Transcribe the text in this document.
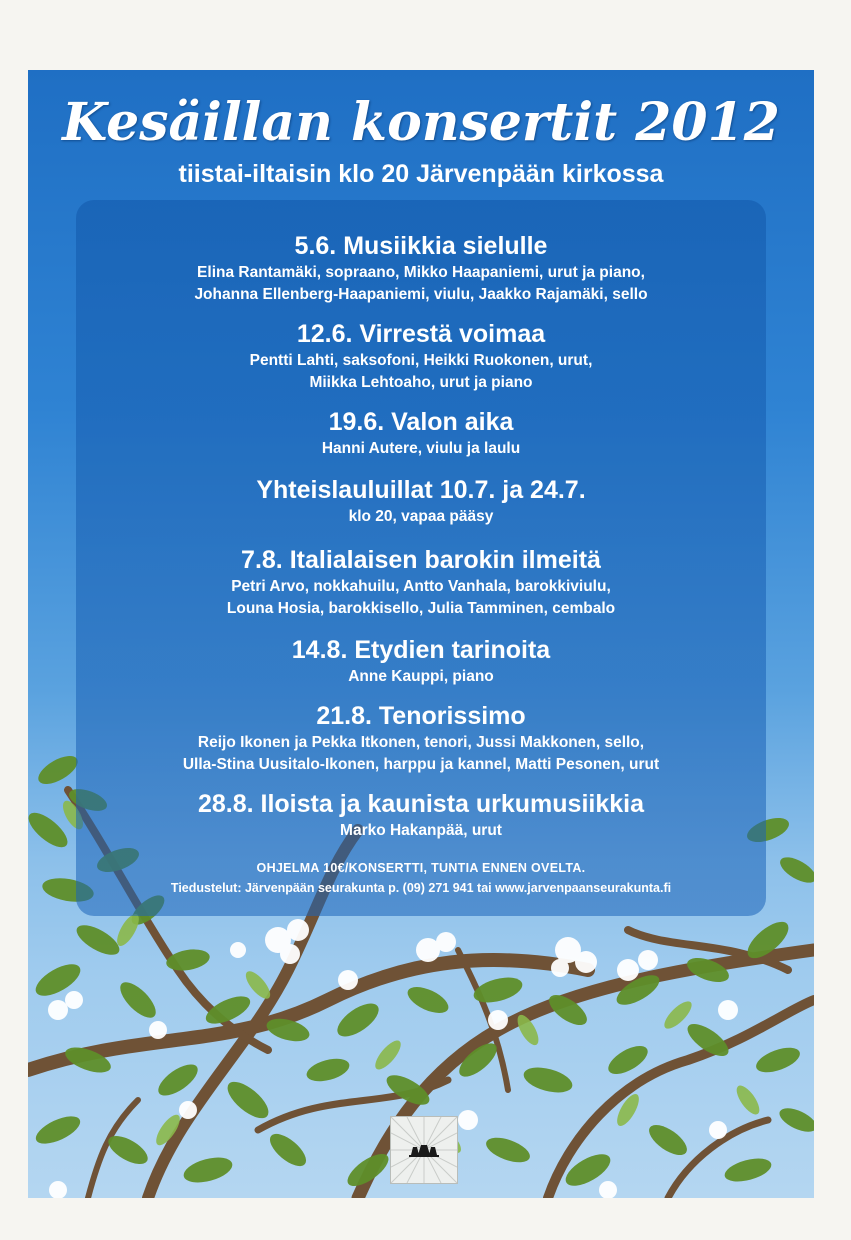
Kesäillan konsertit 2012
tiistai-iltaisin klo 20 Järvenpään kirkossa
5.6. Musiikkia sielulle
Elina Rantamäki, sopraano, Mikko Haapaniemi, urut ja piano,
Johanna Ellenberg-Haapaniemi, viulu, Jaakko Rajamäki, sello
12.6. Virrestä voimaa
Pentti Lahti, saksofoni, Heikki Ruokonen, urut,
Miikka Lehtoaho, urut ja piano
19.6. Valon aika
Hanni Autere, viulu ja laulu
Yhteislauluillat 10.7. ja 24.7.
klo 20, vapaa pääsy
7.8. Italialaisen barokin ilmeitä
Petri Arvo, nokkahuilu, Antto Vanhala, barokkiviulu,
Louna Hosia, barokkisello, Julia Tamminen, cembalo
14.8. Etydien tarinoita
Anne Kauppi, piano
21.8. Tenorissimo
Reijo Ikonen ja Pekka Itkonen, tenori, Jussi Makkonen, sello,
Ulla-Stina Uusitalo-Ikonen, harppu ja kannel, Matti Pesonen, urut
28.8. Iloista ja kaunista urkumusiikkia
Marko Hakanpää, urut
OHJELMA 10€/KONSERTTI, TUNTIA ENNEN OVELTA.
Tiedustelut: Järvenpään seurakunta p. (09) 271 941 tai www.jarvenpaanseurakunta.fi
